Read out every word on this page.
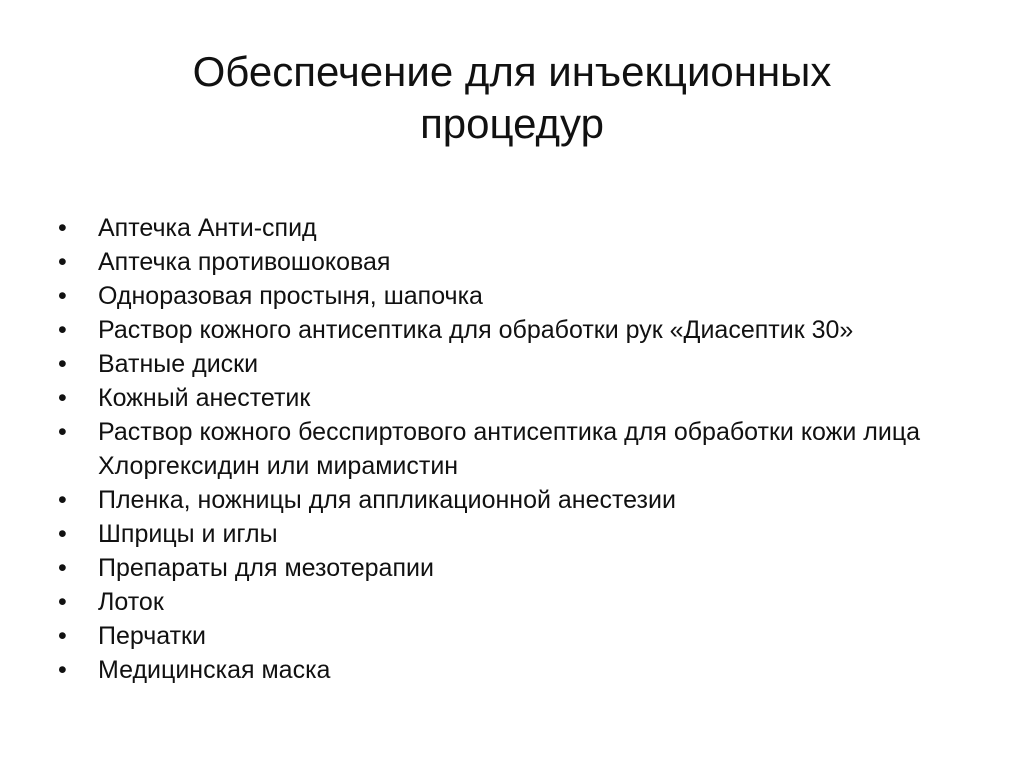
Обеспечение для инъекционных
процедур
•	Аптечка Анти-спид
•	Аптечка противошоковая
•	Одноразовая простыня, шапочка
•	Раствор кожного антисептика для обработки рук «Диасептик 30»
•	Ватные диски
•	Кожный анестетик
•	Раствор кожного бесспиртового антисептика для обработки кожи лица Хлоргексидин или мирамистин
•	Пленка, ножницы для аппликационной анестезии
•	Шприцы и иглы
•	Препараты для мезотерапии
•	Лоток
•	Перчатки
•	Медицинская маска
